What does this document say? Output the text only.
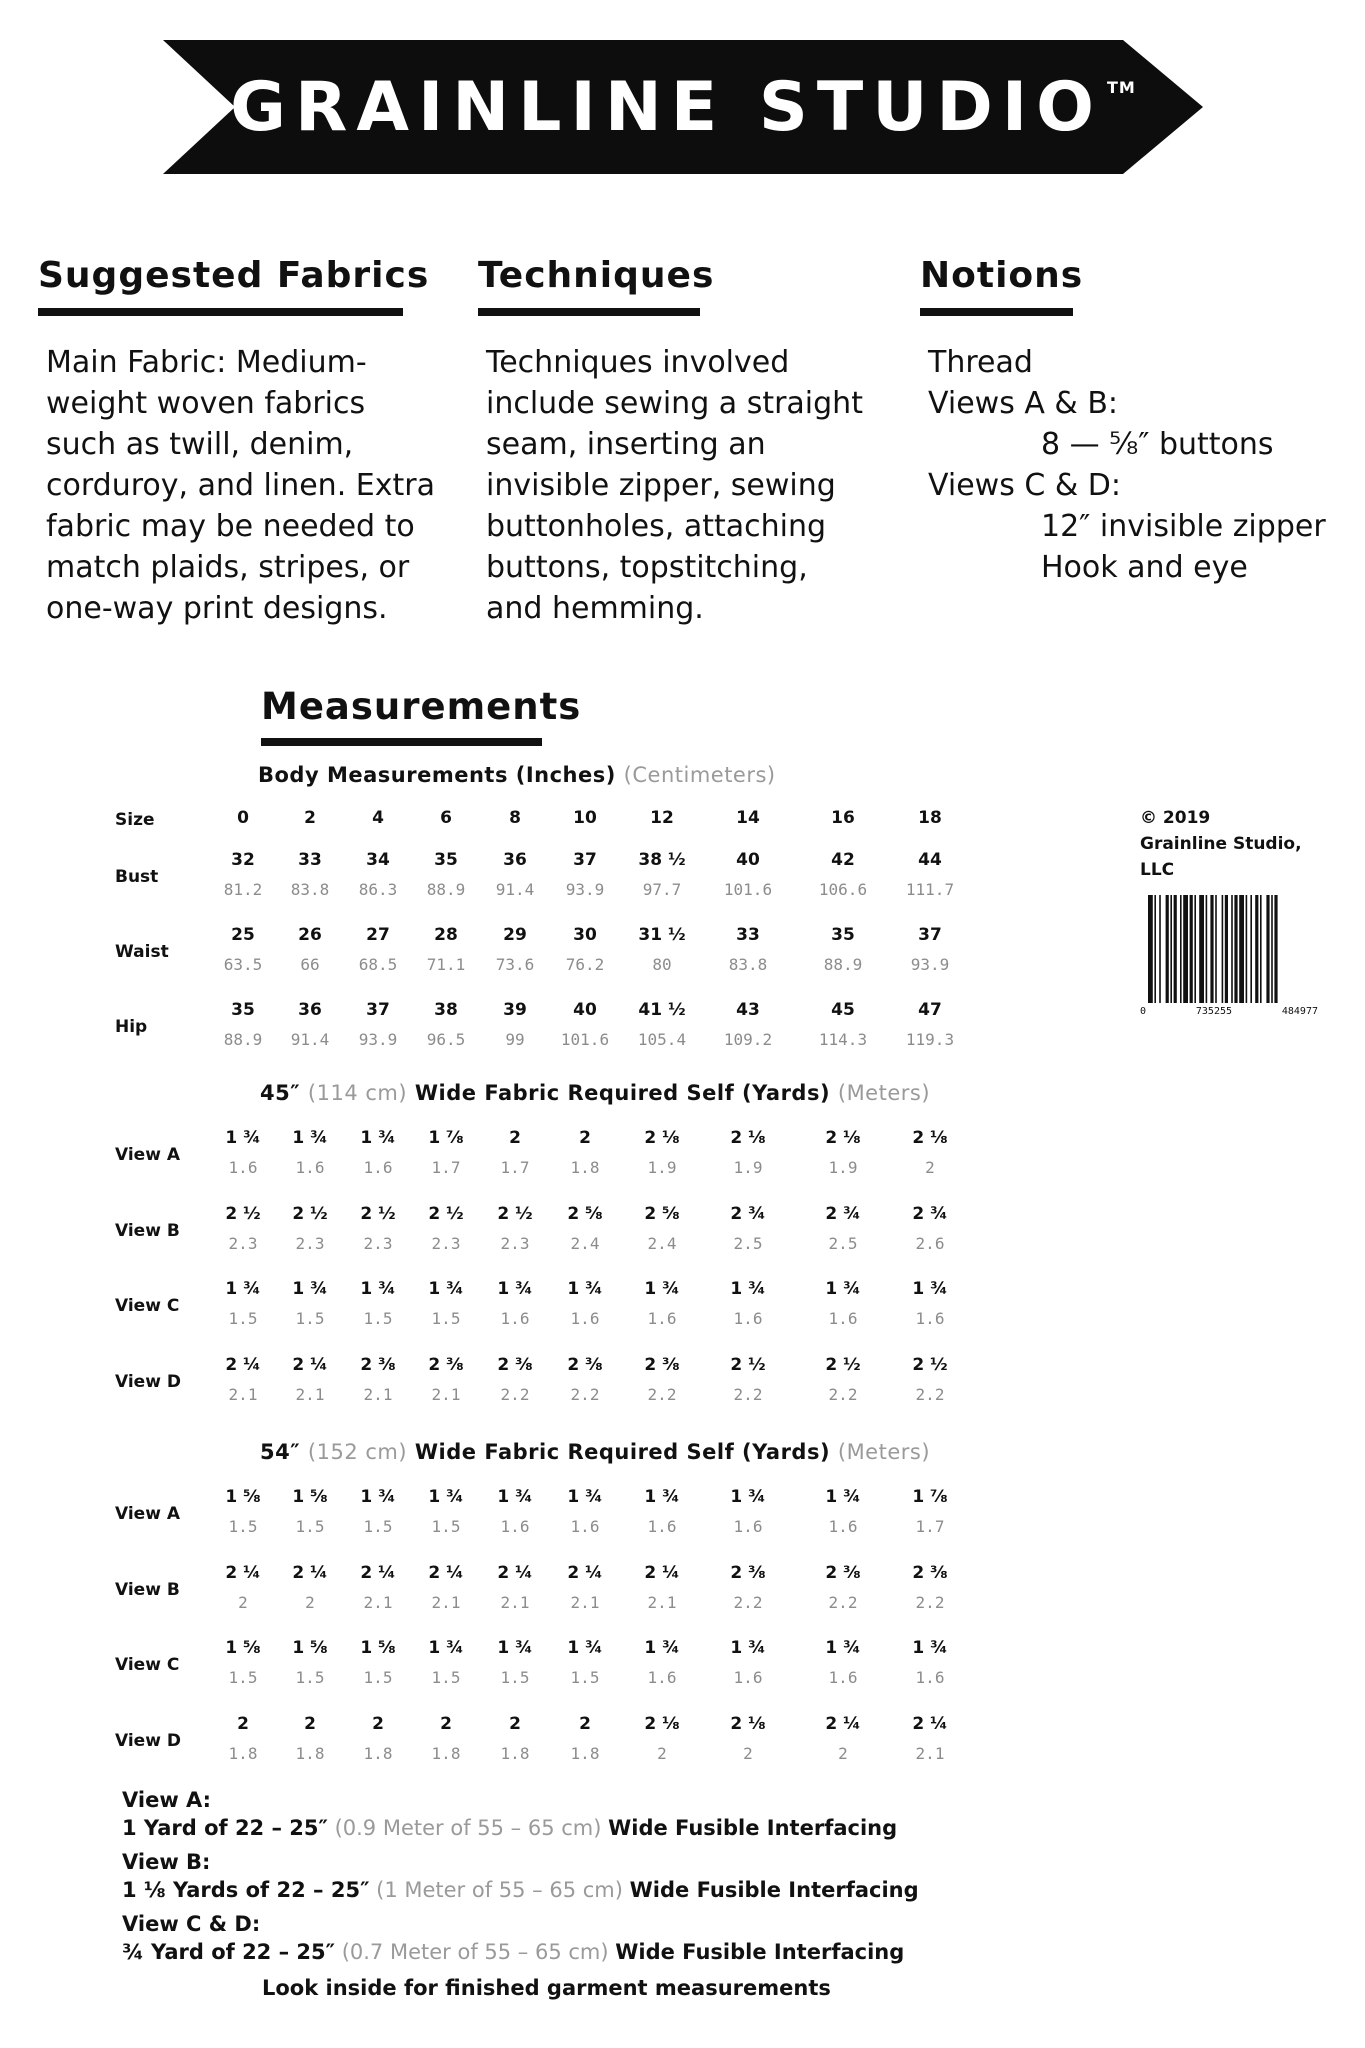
GRAINLINE STUDIO TM
Suggested Fabrics
Main Fabric: Medium-
weight woven fabrics
such as twill, denim,
corduroy, and linen. Extra
fabric may be needed to
match plaids, stripes, or
one-way print designs.
Techniques
Techniques involved
include sewing a straight
seam, inserting an
invisible zipper, sewing
buttonholes, attaching
buttons, topstitching,
and hemming.
Notions
Thread
Views A & B:
8 — ⅝″ buttons
Views C & D:
12″ invisible zipper
Hook and eye
Measurements
Body Measurements (Inches) (Centimeters)
45″ (114 cm) Wide Fabric Required Self (Yards) (Meters)
54″ (152 cm) Wide Fabric Required Self (Yards) (Meters)
Size	0	2	4	6	8	10	12	14	16	18
Bust
32	33	34	35	36	37	38 ½	40	42	44
81.2	83.8	86.3	88.9	91.4	93.9	97.7	101.6	106.6	111.7
Waist
25	26	27	28	29	30	31 ½	33	35	37
63.5	66	68.5	71.1	73.6	76.2	80	83.8	88.9	93.9
Hip
35	36	37	38	39	40	41 ½	43	45	47
88.9	91.4	93.9	96.5	99	101.6	105.4	109.2	114.3	119.3
View A
1 ¾	1 ¾	1 ¾	1 ⅞	2	2	2 ⅛	2 ⅛	2 ⅛	2 ⅛
1.6	1.6	1.6	1.7	1.7	1.8	1.9	1.9	1.9	2
View B
2 ½	2 ½	2 ½	2 ½	2 ½	2 ⅝	2 ⅝	2 ¾	2 ¾	2 ¾
2.3	2.3	2.3	2.3	2.3	2.4	2.4	2.5	2.5	2.6
View C
1 ¾	1 ¾	1 ¾	1 ¾	1 ¾	1 ¾	1 ¾	1 ¾	1 ¾	1 ¾
1.5	1.5	1.5	1.5	1.6	1.6	1.6	1.6	1.6	1.6
View D
2 ¼	2 ¼	2 ⅜	2 ⅜	2 ⅜	2 ⅜	2 ⅜	2 ½	2 ½	2 ½
2.1	2.1	2.1	2.1	2.2	2.2	2.2	2.2	2.2	2.2
View A
1 ⅝	1 ⅝	1 ¾	1 ¾	1 ¾	1 ¾	1 ¾	1 ¾	1 ¾	1 ⅞
1.5	1.5	1.5	1.5	1.6	1.6	1.6	1.6	1.6	1.7
View B
2 ¼	2 ¼	2 ¼	2 ¼	2 ¼	2 ¼	2 ¼	2 ⅜	2 ⅜	2 ⅜
2	2	2.1	2.1	2.1	2.1	2.1	2.2	2.2	2.2
View C
1 ⅝	1 ⅝	1 ⅝	1 ¾	1 ¾	1 ¾	1 ¾	1 ¾	1 ¾	1 ¾
1.5	1.5	1.5	1.5	1.5	1.5	1.6	1.6	1.6	1.6
View D
2	2	2	2	2	2	2 ⅛	2 ⅛	2 ¼	2 ¼
1.8	1.8	1.8	1.8	1.8	1.8	2	2	2	2.1
© 2019
Grainline Studio,
LLC
0	735255	484977
View A:
1 Yard of 22 – 25″ (0.9 Meter of 55 – 65 cm) Wide Fusible Interfacing
View B:
1 ⅛ Yards of 22 – 25″ (1 Meter of 55 – 65 cm) Wide Fusible Interfacing
View C & D:
¾ Yard of 22 – 25″ (0.7 Meter of 55 – 65 cm) Wide Fusible Interfacing
Look inside for finished garment measurements
